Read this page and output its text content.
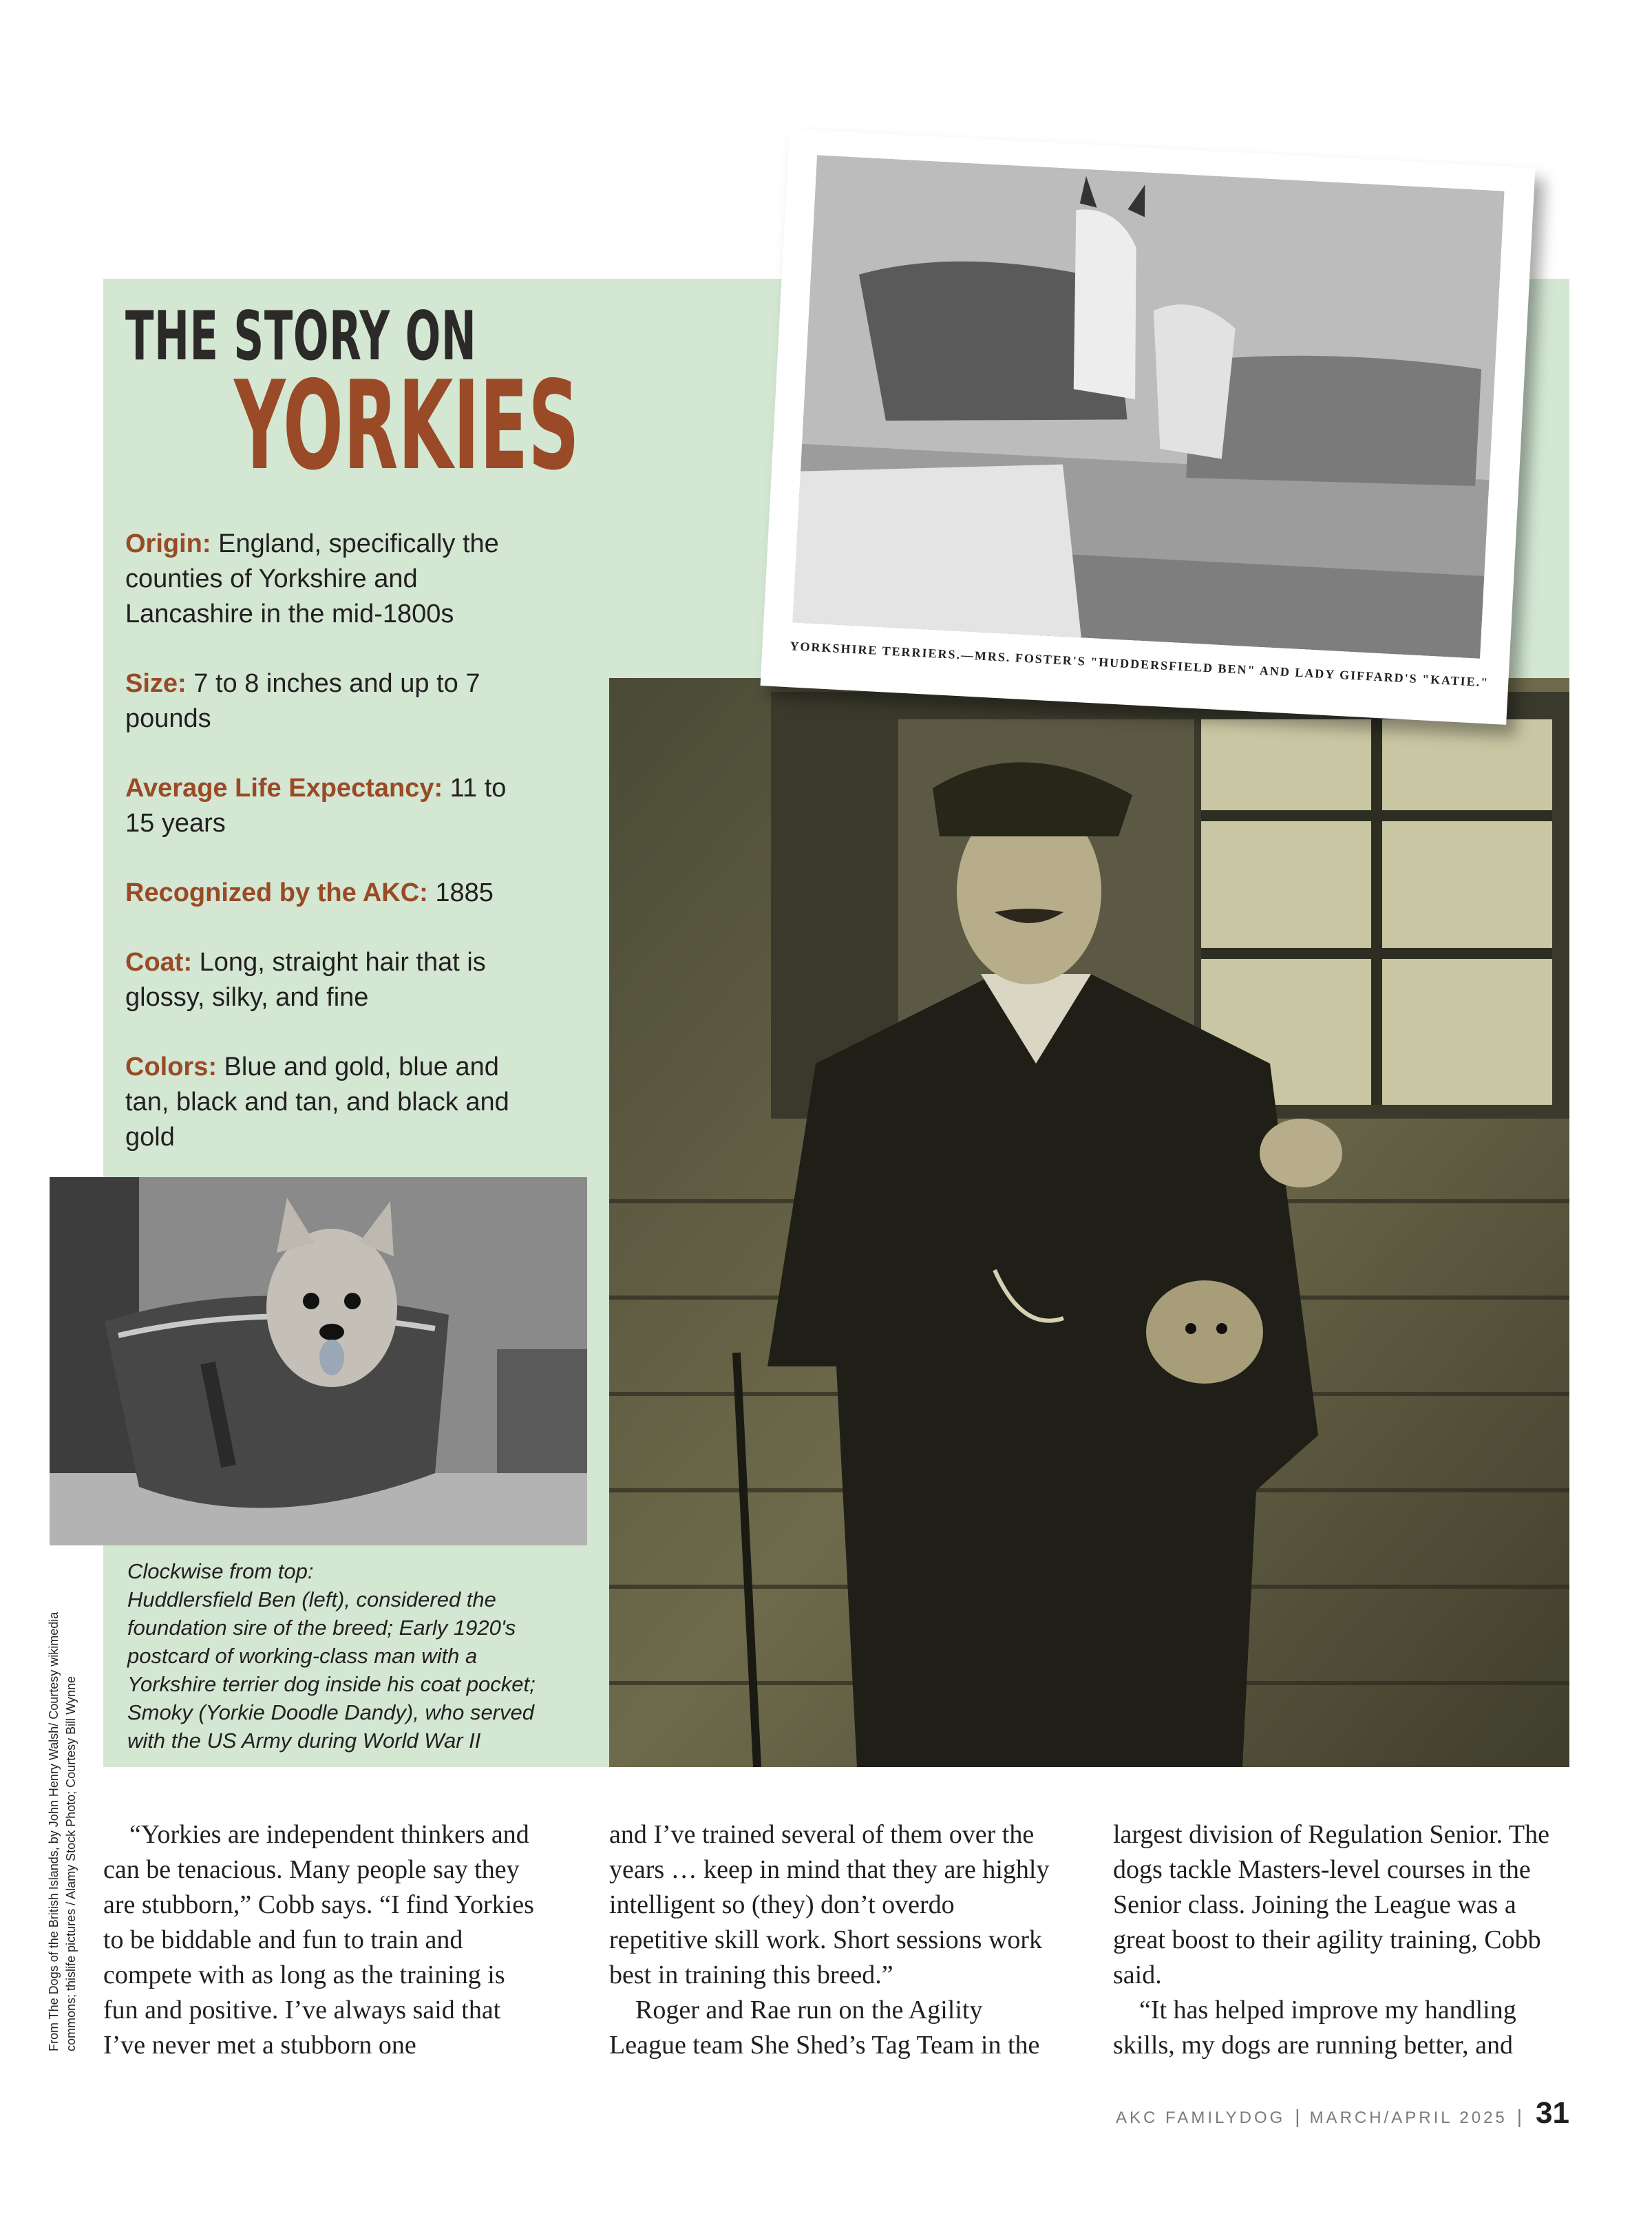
YORKSHIRE TERRIERS.—MRS. FOSTER'S "HUDDERSFIELD BEN" AND LADY GIFFARD'S "KATIE."
THE STORY ON
YORKIES
Origin: England, specifically the counties of Yorkshire and Lancashire in the mid-1800s
Size: 7 to 8 inches and up to 7 pounds
Average Life Expectancy: 11 to 15 years
Recognized by the AKC: 1885
Coat: Long, straight hair that is glossy, silky, and fine
Colors: Blue and gold, blue and tan, black and tan, and black and gold
Clockwise from top:
Huddlersfield Ben (left), considered the foundation sire of the breed; Early 1920's postcard of working-class man with a Yorkshire terrier dog inside his coat pocket; Smoky (Yorkie Doodle Dandy), who served with the US Army during World War II
From The Dogs of the British Islands, by John Henry Walsh/ Courtesy wikimedia commons; thislife pictures / Alamy Stock Photo; Courtesy Bill Wynne	“Yorkies are independent thinkers and can be tenacious. Many people say they are stubborn,” Cobb says. “I find Yorkies to be biddable and fun to train and compete with as long as the training is fun and positive. I’ve always said that I’ve never met a stubborn one

and I’ve trained several of them over the years … keep in mind that they are highly intelligent so (they) don’t overdo repetitive skill work. Short sessions work best in training this breed.”

Roger and Rae run on the Agility League team She Shed’s Tag Team in the

largest division of Regulation Senior. The dogs tackle Masters-level courses in the Senior class. Joining the League was a great boost to their agility training, Cobb said.

“It has helped improve my handling skills, my dogs are running better, and

AKC FAMILYDOG | MARCH/APRIL 2025 | 31
